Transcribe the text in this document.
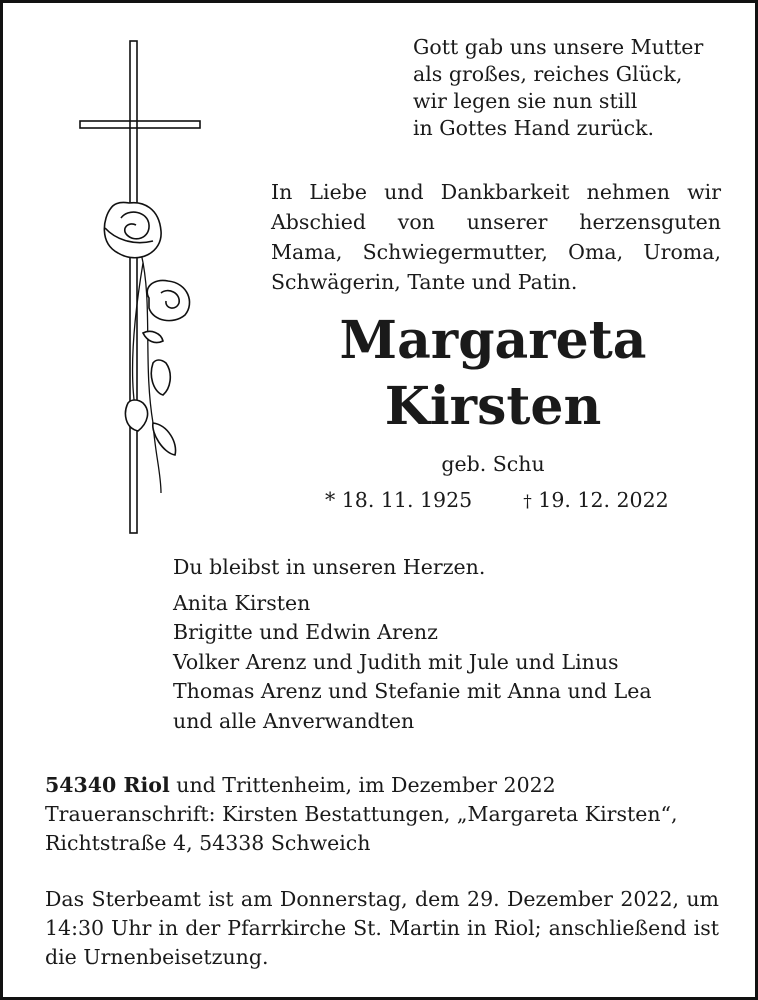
Gott gab uns unsere Mutter
als großes, reiches Glück,
wir legen sie nun still
in Gottes Hand zurück.
In Liebe und Dankbarkeit nehmen wir Abschied von unserer herzensguten Mama, Schwiegermutter, Oma, Uroma, Schwägerin, Tante und Patin.
Margareta
Kirsten
geb. Schu
* 18. 11. 1925	† 19. 12. 2022
Du bleibst in unseren Herzen.
Anita Kirsten
Brigitte und Edwin Arenz
Volker Arenz und Judith mit Jule und Linus
Thomas Arenz und Stefanie mit Anna und Lea
und alle Anverwandten
54340 Riol und Trittenheim, im Dezember 2022
Traueranschrift: Kirsten Bestattungen, „Margareta Kirsten“,
Richtstraße 4, 54338 Schweich
Das Sterbeamt ist am Donnerstag, dem 29. Dezember 2022, um 14:30 Uhr in der Pfarrkirche St. Martin in Riol; anschließend ist die Urnenbeisetzung.
